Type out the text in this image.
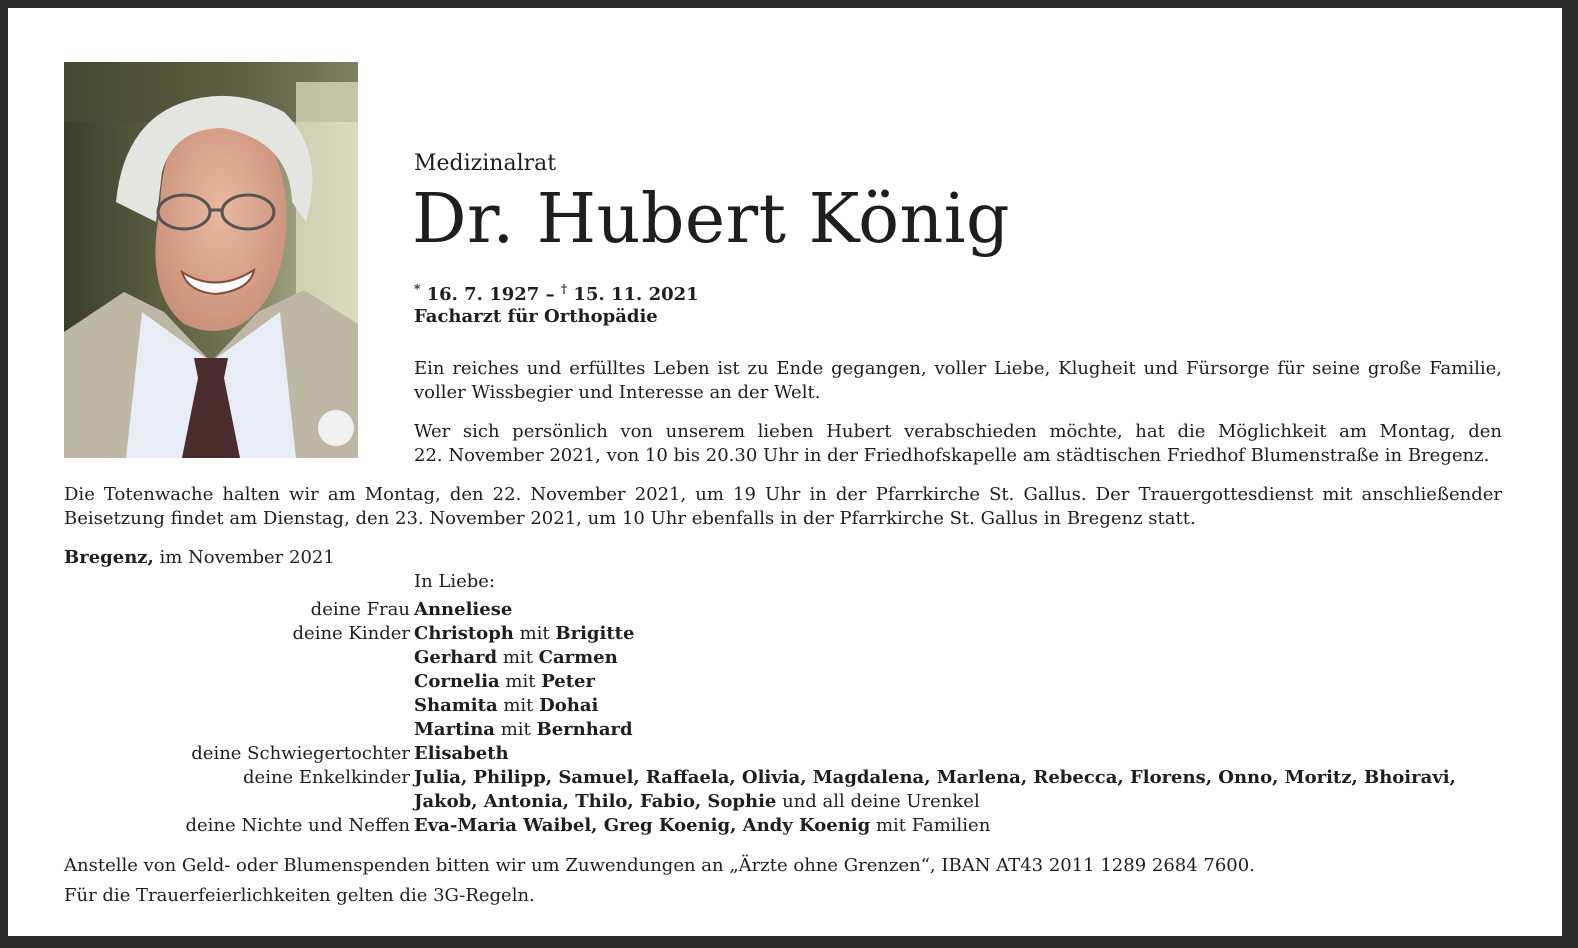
Medizinalrat
Dr. Hubert König
* 16. 7. 1927 – † 15. 11. 2021
Facharzt für Orthopädie
Ein reiches und erfülltes Leben ist zu Ende gegangen, voller Liebe, Klugheit und Fürsorge für seine große Familie,
voller Wissbegier und Interesse an der Welt.
Wer sich persönlich von unserem lieben Hubert verabschieden möchte, hat die Möglichkeit am Montag, den
22. November 2021, von 10 bis 20.30 Uhr in der Friedhofskapelle am städtischen Friedhof Blumenstraße in Bregenz.
Die Totenwache halten wir am Montag, den 22. November 2021, um 19 Uhr in der Pfarrkirche St. Gallus. Der Trauergottesdienst mit anschließender
Beisetzung findet am Dienstag, den 23. November 2021, um 10 Uhr ebenfalls in der Pfarrkirche St. Gallus in Bregenz statt.
Bregenz, im November 2021
In Liebe:
deine Frau Anneliese
deine Kinder Christoph mit Brigitte
Gerhard mit Carmen
Cornelia mit Peter
Shamita mit Dohai
Martina mit Bernhard
deine Schwiegertochter Elisabeth
deine Enkelkinder Julia, Philipp, Samuel, Raffaela, Olivia, Magdalena, Marlena, Rebecca, Florens, Onno, Moritz, Bhoiravi,
Jakob, Antonia, Thilo, Fabio, Sophie und all deine Urenkel
deine Nichte und Neffen Eva-Maria Waibel, Greg Koenig, Andy Koenig mit Familien
Anstelle von Geld- oder Blumenspenden bitten wir um Zuwendungen an „Ärzte ohne Grenzen“, IBAN AT43 2011 1289 2684 7600.
Für die Trauerfeierlichkeiten gelten die 3G-Regeln.
